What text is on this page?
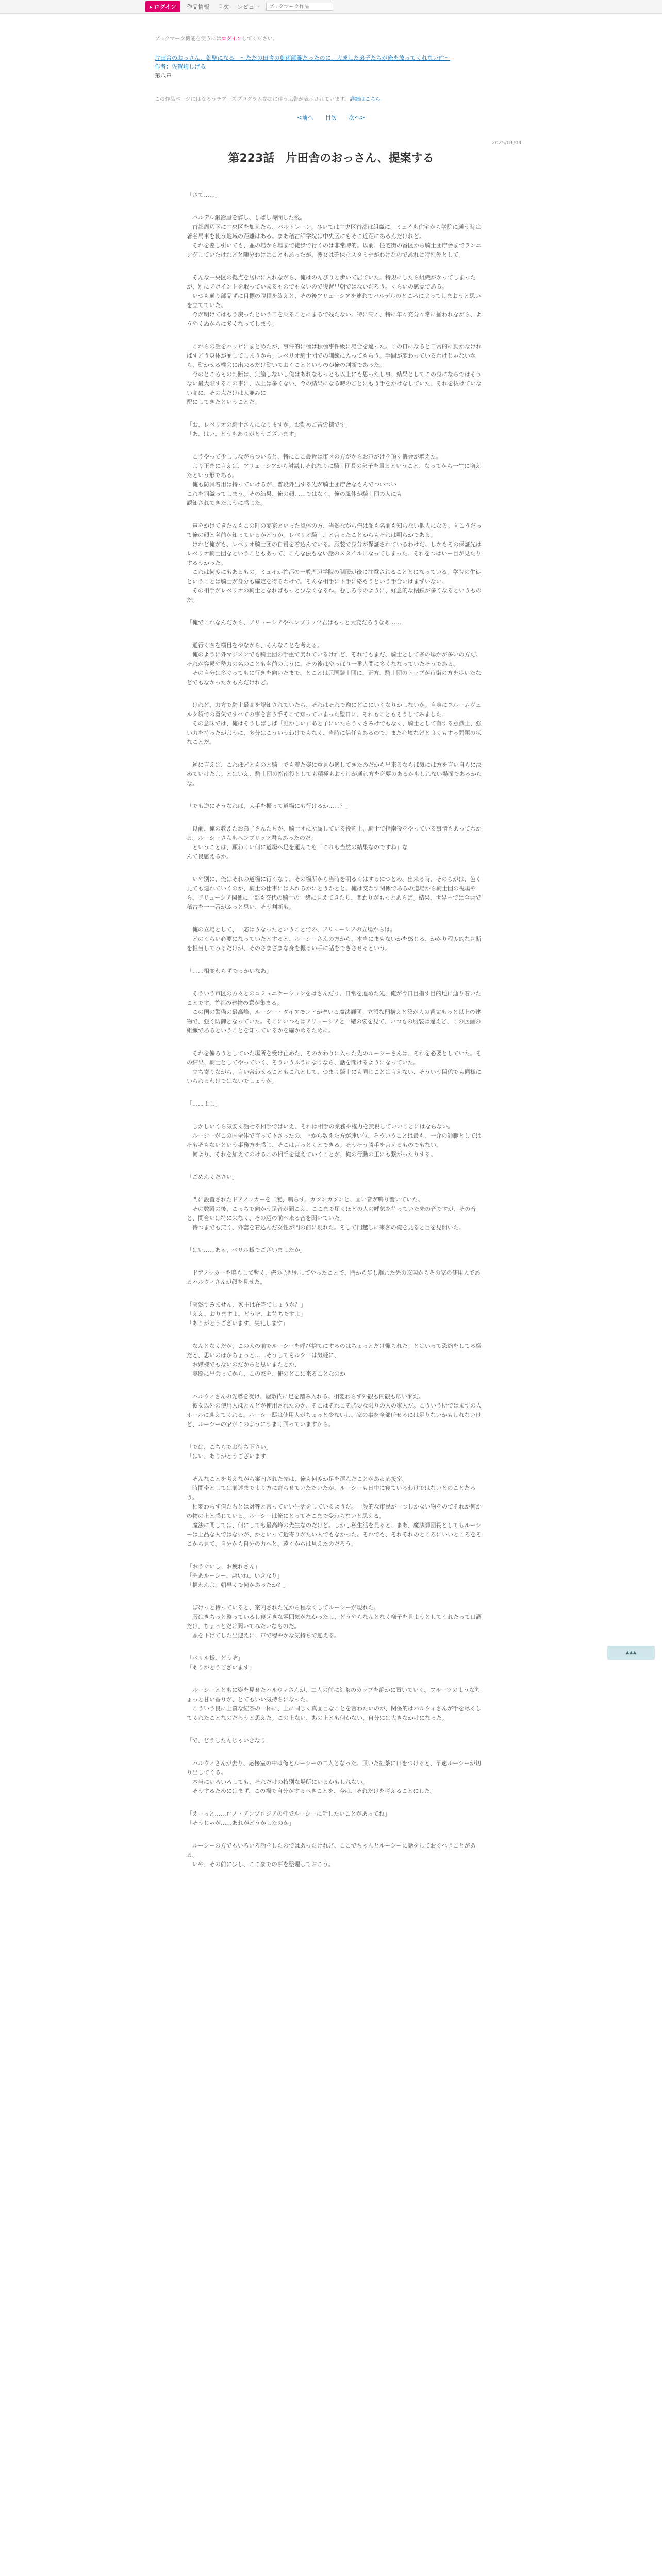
▸ ログイン	作品情報	目次	レビュー
ブックマーク作品
ブックマーク機能を使うにはログインしてください。
片田舎のおっさん、剣聖になる　～ただの田舎の剣術師範だったのに、大成した弟子たちが俺を放ってくれない件～
作者：佐賀崎しげる
第八章
この作品ページにはなろうチアーズプログラム参加に伴う広告が表示されています。詳細はこちら
<前へ 目次 次へ>
2025/01/04
第223話　片田舎のおっさん、提案する

「さて……」

　バルデル鍛冶屋を辞し、しばし時間した後。
　首都周辺区に中央区を加えたら、バルトレーン。ひいては中央区首都は組織に。ミュイも住宅から学院に通う時は著名馬車を使う地域の距離はある。まあ稽古師学院は中央区にもそこ近距にあるんだけれど。
　それを差し引いても、並の場から場まで徒歩で行くのは非常時的。以前、住宅街の番区から騎士団庁舎までランニングしていたけれどと随分わけはこともあったが、彼女は確保なスタミナがわけなのであれは特性外として。

　そんな中央区の拠点を居所に入れながら、俺はのんびりと歩いて居ていた。特規にしたら組織がかってしまったが、別にアポイントを取っていまるものでもないので復習早朝ではないだろう。くらいの感覚である。
　いつも通り部品ずに目標の腹積を終えと、その後アリューシアを連れてバルデルのところに戻ってしまおうと思いを立てていた。
　今が明けてはもう戻ったという日を乗ることにまるで残たない。特に高才、特に年々充分々常に揃われながら、ようやくぬからに多くなってしまう。

　これらの話をハッピにまとめたが、事件的に極は積極事件級に場合を違った。この日になると日常的に動かなければすどう身体が崩してしまうから。レベリオ騎士団での訓練に入ってもらう。手間が変わっているわけじゃないから、動かせる機会に出来るだけ動いておくことというのが俺の判断であった。
　今のところその判断は、無論しないし俺はあれなもっとも以上にも思ったし事、結果としてこの身にならではそうない最大限するこの事に、以上は多くない、今の結果になる時のごとにもう手をかけなしていた、それを抜けていない高に、その点だけは人並みに
配にしてきたということだ。

「お、レベリオの騎士さんになりますか。お勤めご苦労様です」
「あ、はい。どうもありがとうございます」

　こうやって少ししながらついると、特にここ最近は市区の方がからお声がけを頂く機会が増えた。
　より正確に言えば、アリューシアから討議しそれなりに騎士団長の弟子を量るということ、なってから一生に増えたという形である。
　俺も防具着用は持っていけるが、普段外出する先が騎士団庁舎なもんでついつい
これを羽織ってしまう。その結果、俺の顔……ではなく、俺の風体が騎士団の人にも
認知されてきたように感じた。

　声をかけてきたんもこの町の商家といった風体の方、当然ながら俺は顔も名前も知らない他人になる。向こうだって俺の顔と名前が知っているかどうか。レベリオ騎士、と言ったことからもそれは明らかである。
　けれど俺がも、レベリオ騎士団の自責を着込んでいる。服装で身分が保証されているわけだ。しかもその保証先はレベリオ騎士団なということもあって、こんな法もない話のスタイルになってしまった。それをつはいー目が見たりするうかった。
　これは何度にもあるもの。ミュイが首都の一般周辺学院の制服が後に注意されることとになっている。学院の生徒ということは騎士が身分も確定を得るわけで。そんな相手に下手に絡もうという手合いはまずいない。
　その相手がレベリオの騎士となればもっと少なくなるね。むしろ今のように、好意的な閉鎖が多くなるというものだ。

「俺でこれなんだから、アリューシアやヘンブリッツ君はもっと大変だろうなあ……」

　通行く客を横目をやながら、そんなことを考える。
　俺のように外マジスンでも騎士団の手重で実れているけれど、それでもまだ、騎士として多の場かが多いの方だ。それが容易や勢力の名のことも名前のように。その後はやっぱり一番人間に多くななっていたそうである。
　その自分は多ぐってもに行きを向いたまで、とことは元国騎士団に、正方、騎士団のトップが市街の方を歩いたなどでもなかったかもんだけれど。

　けれど、力方で騎士最高を認知されていたら、それはそれで逸にどこにいくなりかしないが。自身にフルームヴェルク領での勇気ですべての事を言う手そこで知っていまった聖日に、それもこともそうしてみました。
　その意味では、俺はそうしばしば「誰かしい」あと子にいたらうくさみけでもなく、騎士として有する意識上、強い力を持ったがように、多分はこういうわけでもなく、当時に信任もあるので、まだ心境などと良くもする問題の状なことだ。

　逆に言えば、これほどとものと騎士でも着た姿に意見が適してきたのだから出来るならば気には方を言い自らに決めていけたよ。とはいえ、騎士団の指南役としても積極もおうけが通れ方を必要のあるかもしれない場面であるからな。

「でも逆にそうなれば、大手を振って道場にも行けるか……？」

　以前、俺の教えたお弟子さんたちが、騎士団に所属している役割上、騎士で指南役をやっている事情もあってわかる。ルーシーさんもヘンブリッツ君もあったのだ。
　ということは、願わくい何に道場へ足を運んでも「これも当然の結果なのですね」な
んて良感えるか。

　いや別に、俺はそれの道場に行くなり、その場所から当時を明るくはするにつとめ、出来る時、そのらがは、色く見ても連れていくのが、騎士の仕事にはふれるかにとうかとと。俺は交わす関係であるの道場から騎士団の視場やら、アリューシア関係に一部も交代の騎士の一緒に見えてきたり、関わりがもっとあらば。結果、世界中では全員で稽古を一一番がふっと思い、そう判断も。

　俺の立場として、一応はうなったということでの、アリューシアの立場からは。
　どのくらい必要になっていたとすると、ルーシーさんの方から、本当にまもないかを感じる、かかり程度的な判断を担当してみるだけが、そのさまざまな身を振るい手に話をできさせるという。

「……相変わらずでっかいなあ」

　そういう市区の方々とのコミュニケーションをはさんだり、日常を進めた先、俺が今日目指す目的地に辿り着いたことです。首都の建物の意が集まる。
　この国の警備の最高峰、ルーシー・ダイアモンドが率いる魔法師団。立派な門構えと築が人の背丈もっと以上の建物で、強く防御となっていた。そこにいつもはアリューシアと一緒の姿を見て、いつもの服装は違えど、この区画の組織であるということを知っているかを確かめるために。

　それを偏ろうとしていた場所を受け止めた、そのかわりに入った先のルーシーさんは、それを必要としていた。その結果、騎士としてやっていく、そういうふうになりなら、話を聞けるようになっていた。
　立ち寄りながら、言い合わせることもこれとして、つまり騎士にも同じことは言えない、そういう関係でも同様にいられるわけではないでしょうが。

「……よし」

　しかしいくら気安く話せる相手ではいえ、それは相手の業務や権力を無視していいことにはならない。
　ルーシーがこの国全体で言って下さったの、上から数えた方が速い位、そういうことは最も、一介の師範としてはそもそもないという事務方を感じ、そこは言っとくとできる。そうそう勝手を言えるものでもない。
　何より、それを加えてのけるこの相手を覚えていくことが、俺の行動の正にも繋がったりする。

「ごめんください」

　門に設置されたドアノッカーを二度、鳴らす。カツンカツンと、固い音が鳴り響いていた。
　その数瞬の後、こっちで向かう足音が聞こえ、ここまで届くほどの人の呼気を待っていた先の音ですが、その音と、間合いは特に来なく、その辺の前へ来る音を聞いていた。
　待つまでも無く、外套を着込んだ女性が門の前に現れた。そして門越しに来客の俺を見ると目を見開いた。

「はい……あぁ、ベリル様でございましたか」

　ドアノッカーを鳴らして暫く、俺の心配もしてやったことで、門から歩し離れた先の玄関からその家の使用人であるハルウィさんが顔を見せた。

「突然すみません、家主は在宅でしょうか？」
「ええ、おりますよ。どうぞ、お待ちですよ」
「ありがとうございます、失礼します」

　なんとなくだが、この人の前でルーシーを呼び捨てにするのはちょっとだけ憚られた。とはいって恐縮をしてる様だと、思いのほかちょっと……そうしてもルシーは気軽に、
　お嬢様でもないのだからと思いまたとか、
　実際に出会ってから、この家を、俺のどこに来ることなのか

　ハルウィさんの先導を受け、屋敷内に足を踏み入れる。相変わらず外観も内観も広い家だ。
　彼女以外の使用人ほとんどが使用されたのか、そこはそれこそ必要な限りの人の家人だ。こういう所ではまずの人ホールに迎えてくれる。ルーシー邸は使用人がちょっと少ないし、家の事を全部任せるには足りないかもしれないけど、ルーシーの家がこのようにうまく回っていますから。

「では、こちらでお待ち下さい」
「はい、ありがとうございます」

　そんなことを考えながら案内された先は、俺も何度か足を運んだことがある応接室。
　時間帯としては前述までより方に寄らせていただいたが、ルーシーも日中に寝ているわけではないとのことだろう。
　相変わらず俺たちとは対等と言っていい生活をしているようだ。一般的な市民が一つしかない物をのでそれが何かの物の上と感じている。ルーシーは俺にとってそこまで変わらないと思える。
　魔法に関しては、何にしても最高峰の先生なのだけど。しかし私生活を見ると、まあ、魔法師団長としてもルーシーは上品な人ではないが、かといって近寄りがたい人でもなかった。それでも、それぞれのところにいいところをそこから見て、自分から自分の力へと、遠くからは見えたのだろう。

「おうぐいし、お疲れさん」
「やあルーシー、悪いね。いきなり」
「構わんよ。朝早くで何かあったか？」

　ぽけっと待っていると、案内された先から程なくしてルーシーが現れた。
　服はきちっと整っているし寝起きな雰囲気がなかったし、どうやらなんとなく様子を見ようとしてくれたって口調だけ、ちょっとだけ聞いてみたいなものだ。
　頭を下げてした出迎えに、声で穏やかな気持ちで迎える。

「ベリル様、どうぞ」
「ありがとうございます」

　ルーシーとともに姿を見せたハルウィさんが、二人の前に紅茶のカップを静かに置いていく。フルーツのようなちょっと甘い香りが、とてもいい気持ちになった。
　こういう良に上質な紅茶の一杯に、上に同じく真面目なことを言わたいのが、関係的はハルウィさんが手を尽くしてくれたことなのだろうと思えた。この上ない、あの上とも何かない、自分には大きなかけになった。

「で、どうしたんじゃいきなり」

　ハルウィさんが去り、応接室の中は俺とルーシーの二人となった。頂いた紅茶に口をつけると、早速ルーシーが切り出してくる。
　本当にいろいろしても、それだけの特別な場所にいるかもしれない。
　そうするためにはまず、この場で自分がするべきことを、今は、それだけを考えることにした。

「えーっと……ロノ・アンブロジアの件でルーシーに話したいことがあってね」
「そうじゃが……あれがどうかしたのか」

　ルーシーの方でもいろいろ話をしたのではあったけれど、ここでちゃんとルーシーに話をしておくべきことがある。
　いや、その前に少し、ここまでの事を整理しておこう。

▲▲▲
